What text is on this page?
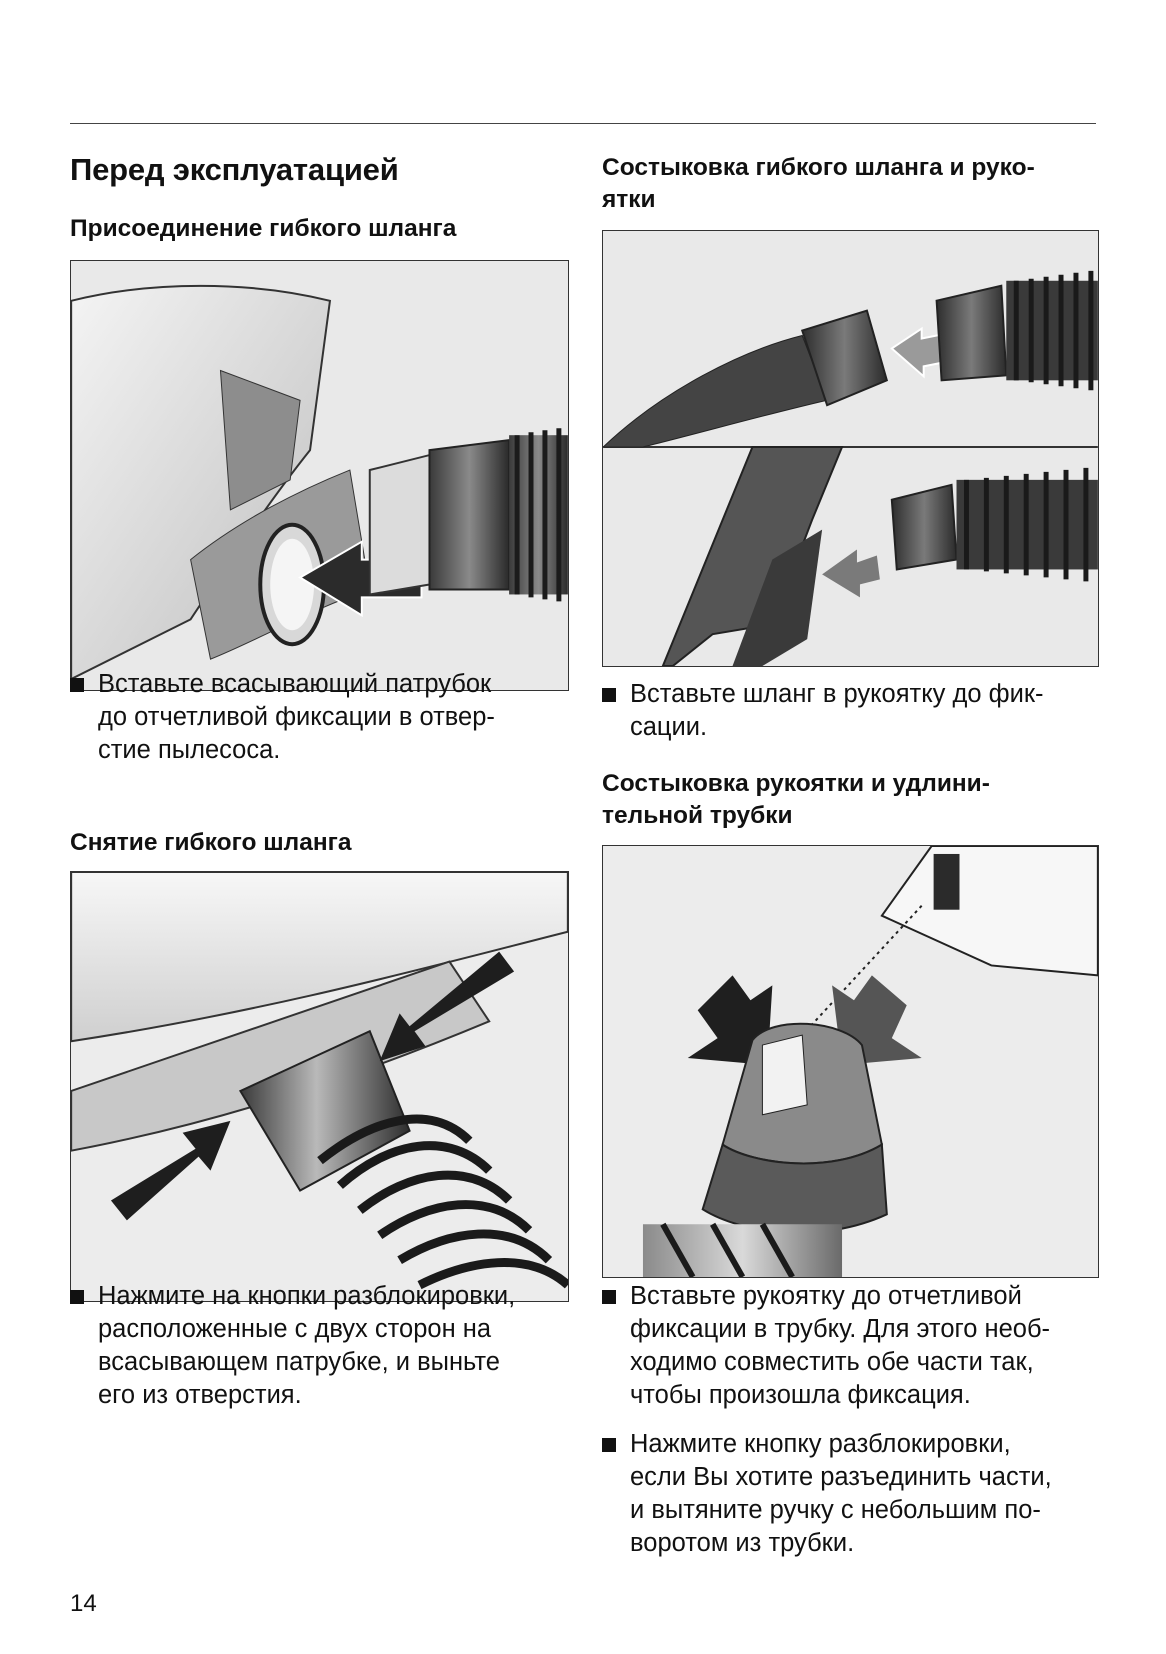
Перед эксплуатацией
Присоединение гибкого шланга
Вставьте всасывающий патрубок
до отчетливой фиксации в отвер-
стие пылесоса.
Снятие гибкого шланга
Нажмите на кнопки разблокировки,
расположенные с двух сторон на
всасывающем патрубке, и выньте
его из отверстия.
Состыковка гибкого шланга и руко-
ятки
Вставьте шланг в рукоятку до фик-
сации.
Состыковка рукоятки и удлини-
тельной трубки
Вставьте рукоятку до отчетливой
фиксации в трубку. Для этого необ-
ходимо совместить обе части так,
чтобы произошла фиксация.
Нажмите кнопку разблокировки,
если Вы хотите разъединить части,
и вытяните ручку с небольшим по-
воротом из трубки.
14
